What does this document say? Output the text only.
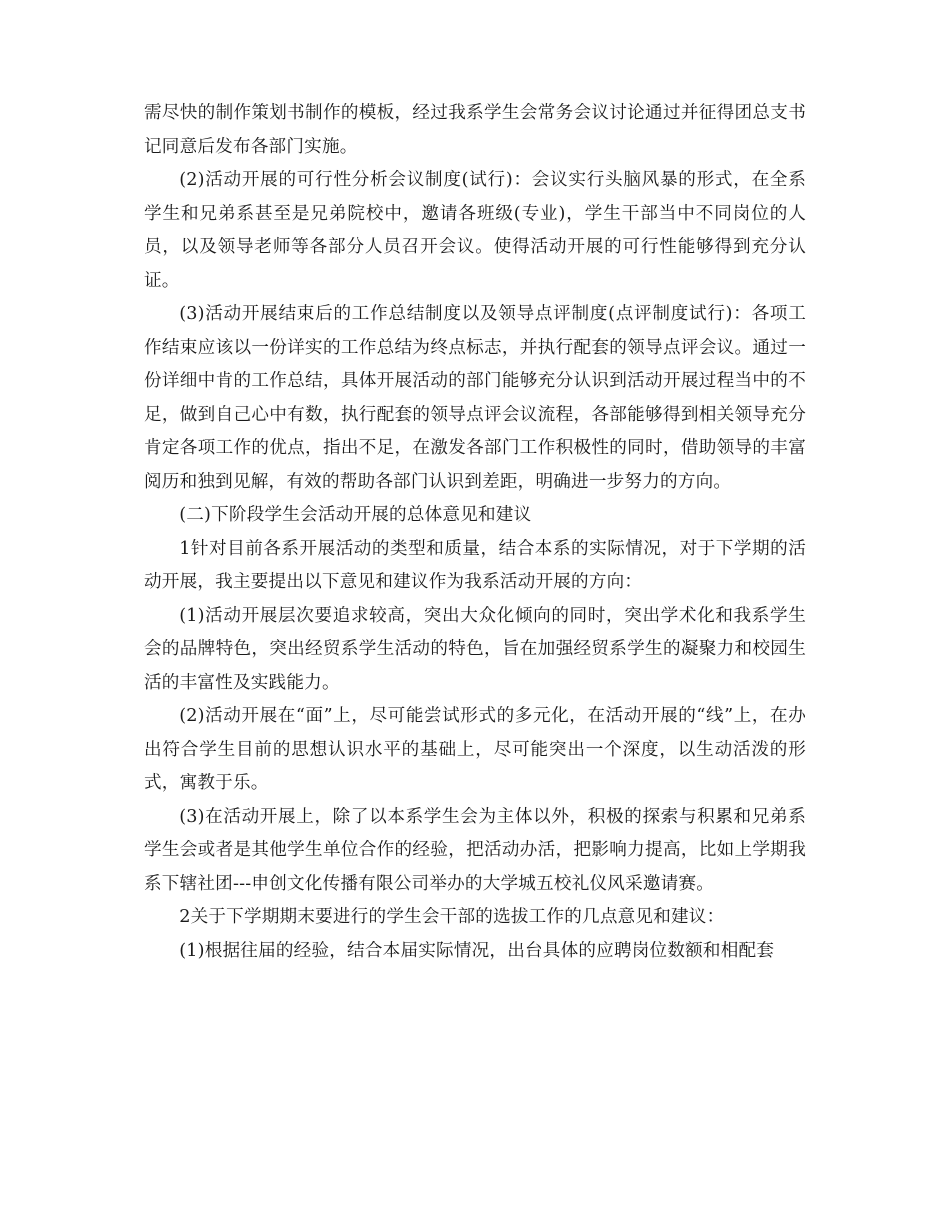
需尽快的制作策划书制作的模板，经过我系学生会常务会议讨论通过并征得团总支书记同意后发布各部门实施。

(2)活动开展的可行性分析会议制度(试行)：会议实行头脑风暴的形式，在全系学生和兄弟系甚至是兄弟院校中，邀请各班级(专业)，学生干部当中不同岗位的人员，以及领导老师等各部分人员召开会议。使得活动开展的可行性能够得到充分认证。

(3)活动开展结束后的工作总结制度以及领导点评制度(点评制度试行)：各项工作结束应该以一份详实的工作总结为终点标志，并执行配套的领导点评会议。通过一份详细中肯的工作总结，具体开展活动的部门能够充分认识到活动开展过程当中的不足，做到自己心中有数，执行配套的领导点评会议流程，各部能够得到相关领导充分肯定各项工作的优点，指出不足，在激发各部门工作积极性的同时，借助领导的丰富阅历和独到见解，有效的帮助各部门认识到差距，明确进一步努力的方向。

(二)下阶段学生会活动开展的总体意见和建议

1针对目前各系开展活动的类型和质量，结合本系的实际情况，对于下学期的活动开展，我主要提出以下意见和建议作为我系活动开展的方向：

(1)活动开展层次要追求较高，突出大众化倾向的同时，突出学术化和我系学生会的品牌特色，突出经贸系学生活动的特色，旨在加强经贸系学生的凝聚力和校园生活的丰富性及实践能力。

(2)活动开展在“面”上，尽可能尝试形式的多元化，在活动开展的“线”上，在办出符合学生目前的思想认识水平的基础上，尽可能突出一个深度，以生动活泼的形式，寓教于乐。

(3)在活动开展上，除了以本系学生会为主体以外，积极的探索与积累和兄弟系学生会或者是其他学生单位合作的经验，把活动办活，把影响力提高，比如上学期我系下辖社团---申创文化传播有限公司举办的大学城五校礼仪风采邀请赛。

2关于下学期期末要进行的学生会干部的选拔工作的几点意见和建议：

(1)根据往届的经验，结合本届实际情况，出台具体的应聘岗位数额和相配套
